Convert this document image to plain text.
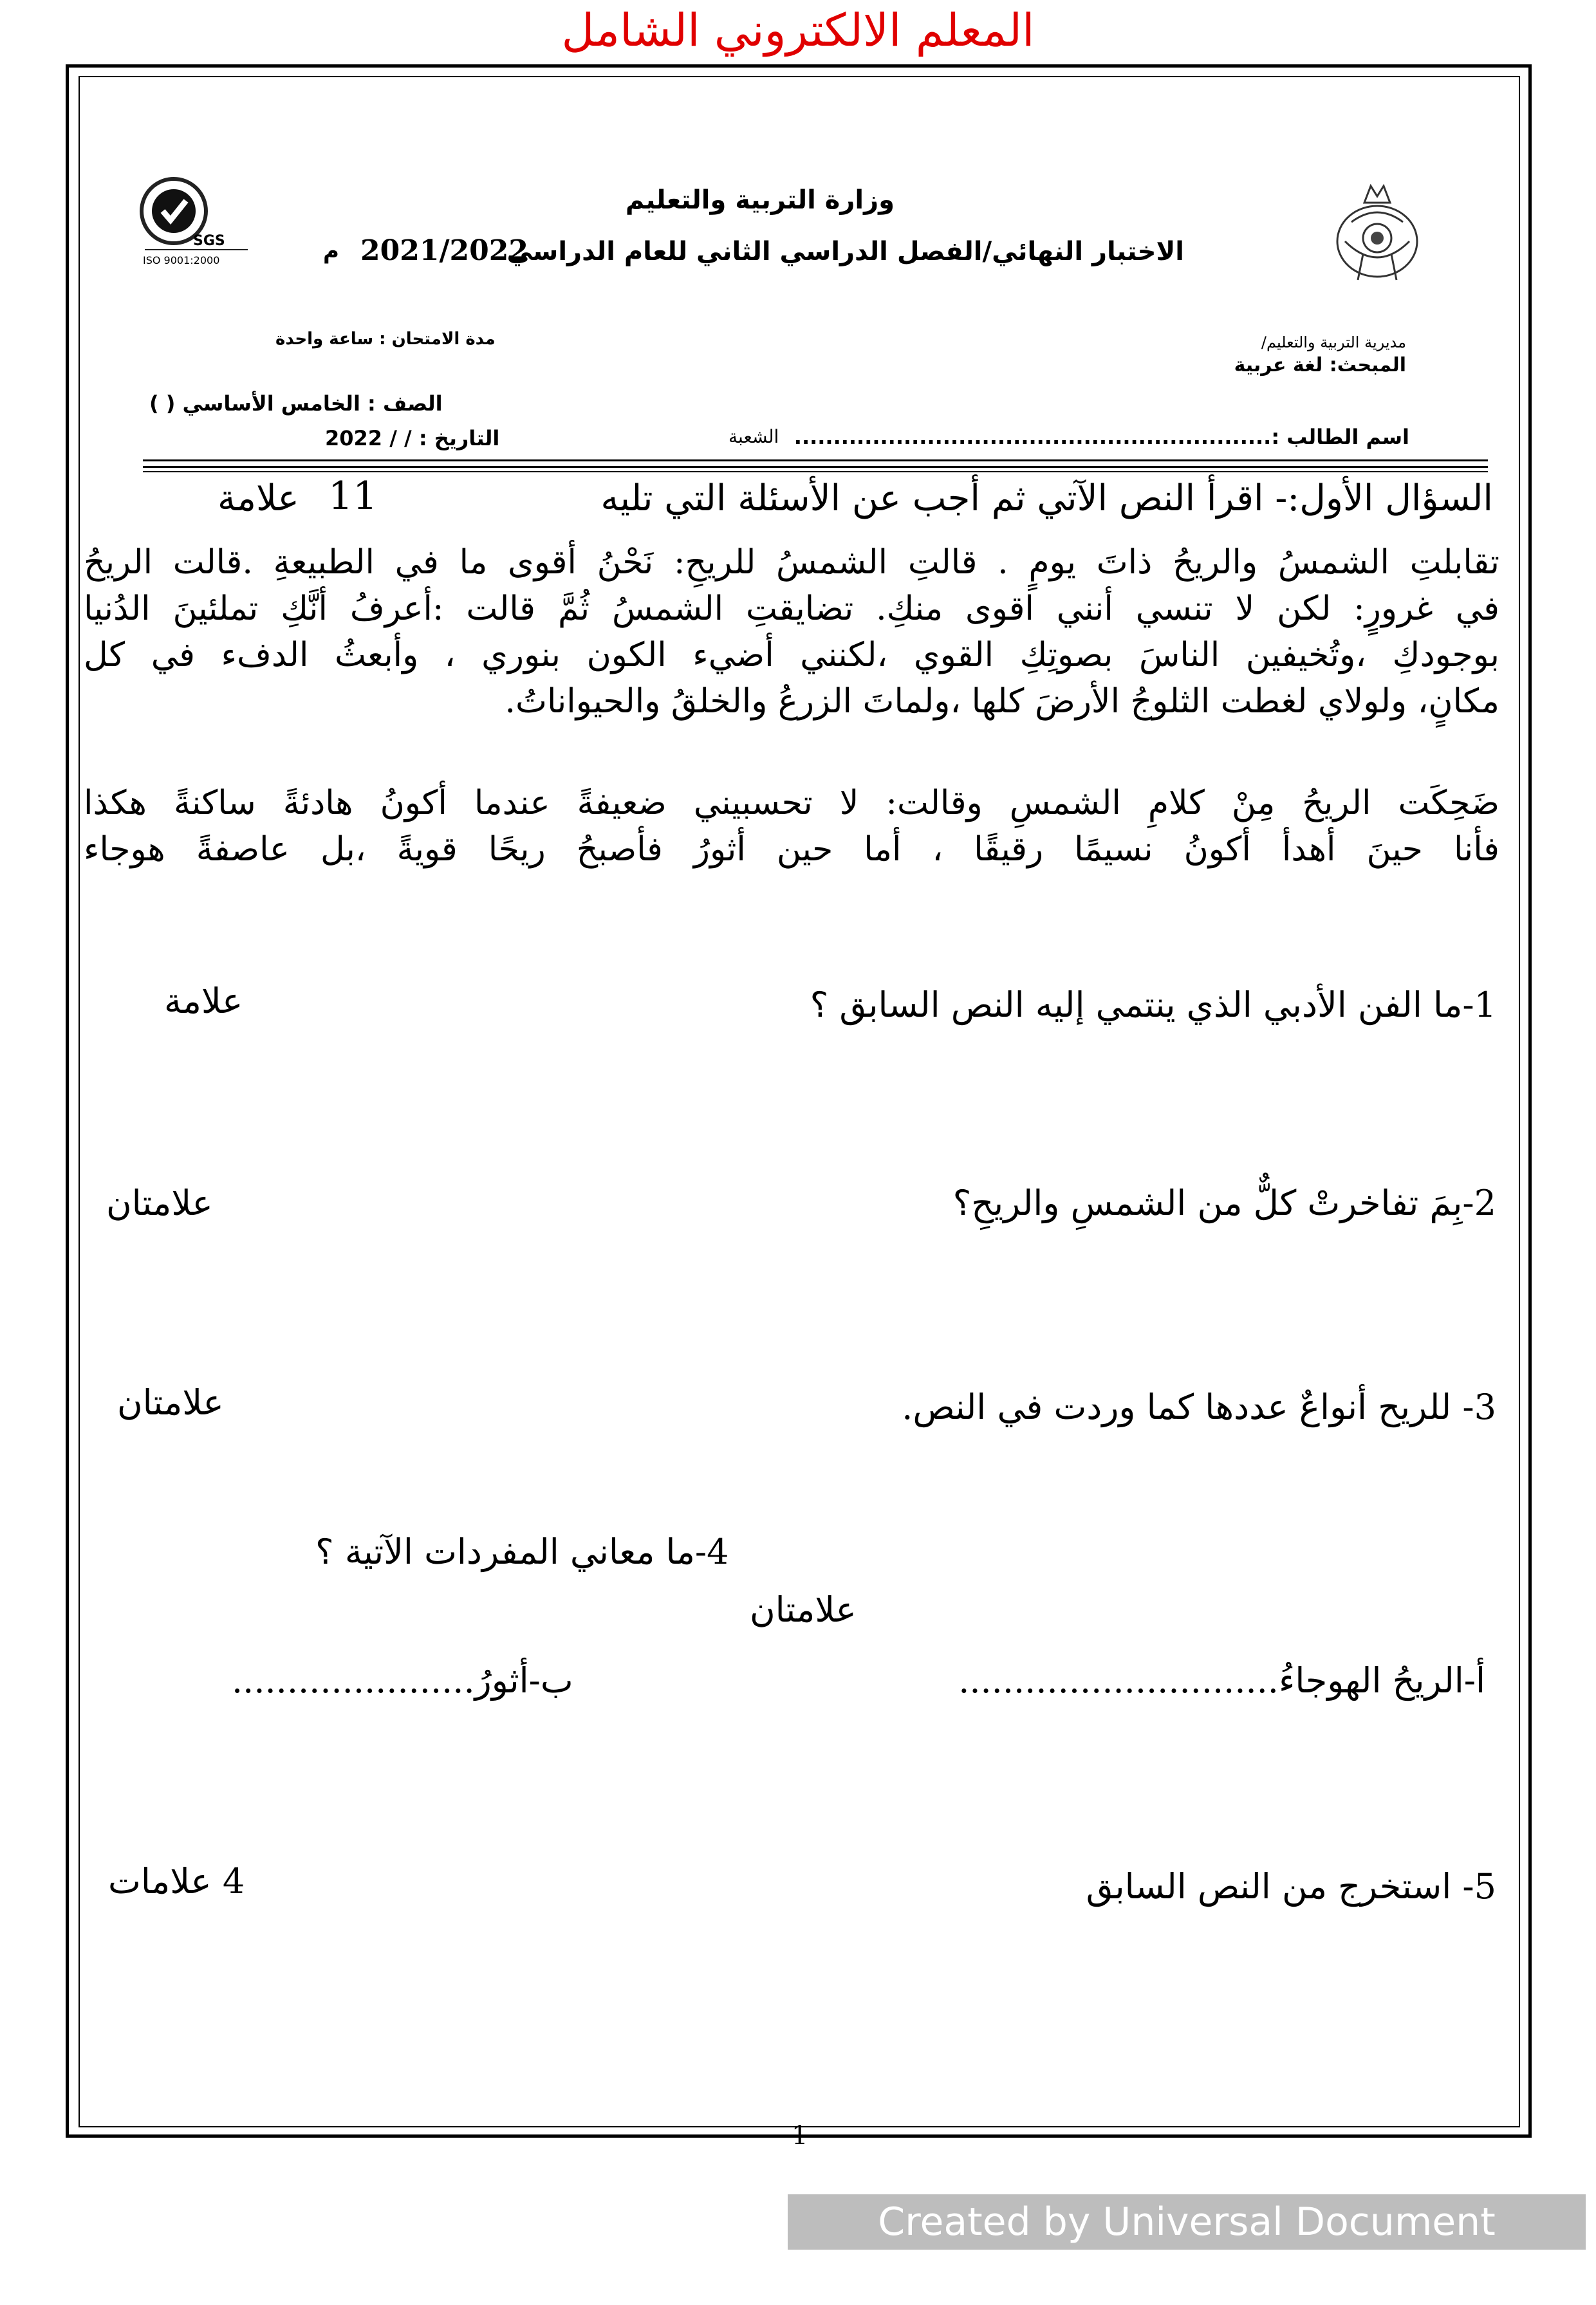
المعلم الالكتروني الشامل
SGS
ISO 9001:2000
وزارة التربية والتعليم
الاختبار النهائي/الفصل الدراسي الثاني للعام الدراسي
2021/2022
م
مديرية التربية والتعليم/
المبحث: لغة عربية
مدة الامتحان : ساعة واحدة
الصف : الخامس الأساسي ( )
التاريخ : / / 2022	الشعبة اسم الطالب :.............................................................
السؤال الأول:- اقرأ النص الآتي ثم أجب عن الأسئلة التي تليه
11
علامة
تقابلتِ الشمسُ والريحُ ذاتَ يومٍ . قالتِ الشمسُ للريحِ: نَحْنُ أقوى ما في الطبيعةِ .قالت الريحُ
في غرورٍ: لكن لا تنسي أنني اقوى منكِ. تضايقتِ الشمسُ ثُمَّ قالت :أعرفُ أنَّكِ تملئينَ الدُنيا
بوجودكِ ،وتُخيفين الناسَ بصوتِكِ القوي ،لكنني أضيء الكون بنوري ، وأبعثُ الدفء في كل
مكانٍ، ولولاي لغطت الثلوجُ الأرضَ كلها ،ولماتَ الزرعُ والخلقُ والحيواناتُ.
ضَحِكَت الريحُ مِنْ كلامِ الشمسِ وقالت: لا تحسبيني ضعيفةً عندما أكونُ هادئةً ساكنةً هكذا
فأنا حينَ أهدأ أكونُ نسيمًا رقيقًا ، أما حين أثورُ فأصبحُ ريحًا قويةً ،بل عاصفةً هوجاء
1-ما الفن الأدبي الذي ينتمي إليه النص السابق ؟
علامة
2-بِمَ تفاخرتْ كلٌّ من الشمسِ والريحِ؟
علامتان
3- للريح أنواعٌ عددها كما وردت في النص.
علامتان
4-ما معاني المفردات الآتية ؟
علامتان
أ-الريحُ الهوجاءُ.............................
ب-أثورُ......................
5- استخرج من النص السابق
4 علامات
1
Created by Universal Document Converter
